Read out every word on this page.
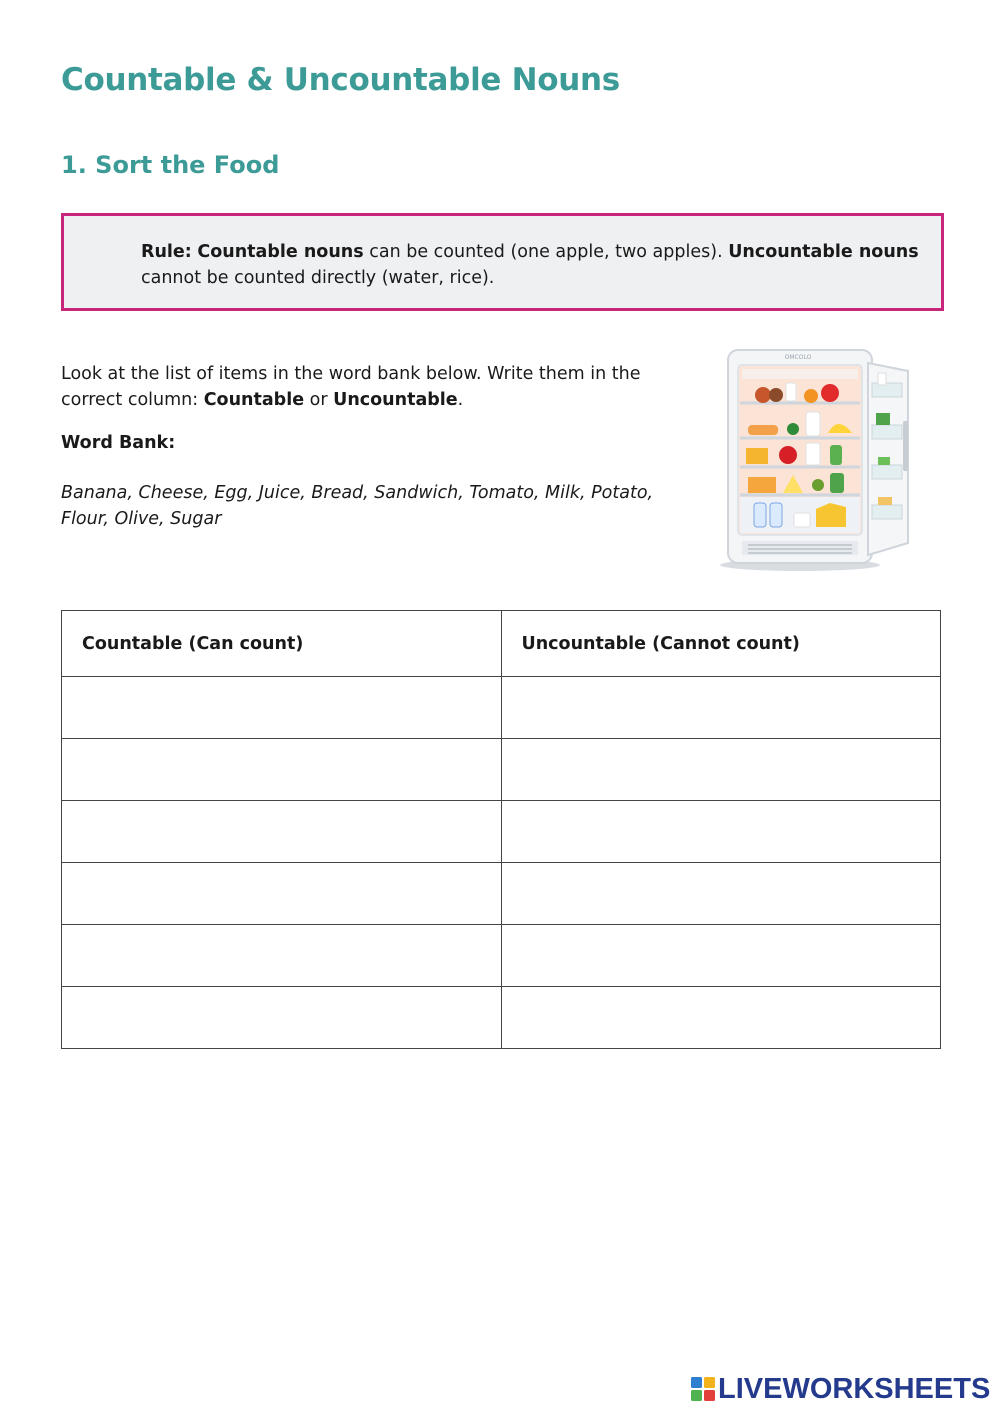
Countable & Uncountable Nouns
1. Sort the Food
Rule: Countable nouns can be counted (one apple, two apples). Uncountable nouns
cannot be counted directly (water, rice).

Look at the list of items in the word bank below. Write them in the correct column: Countable or Uncountable.

Word Bank:

Banana, Cheese, Egg, Juice, Bread, Sandwich, Tomato, Milk, Potato, Flour, Olive, Sugar

OMCOLO
Countable (Can count)	Uncountable (Cannot count)

LIVEWORKSHEETS
